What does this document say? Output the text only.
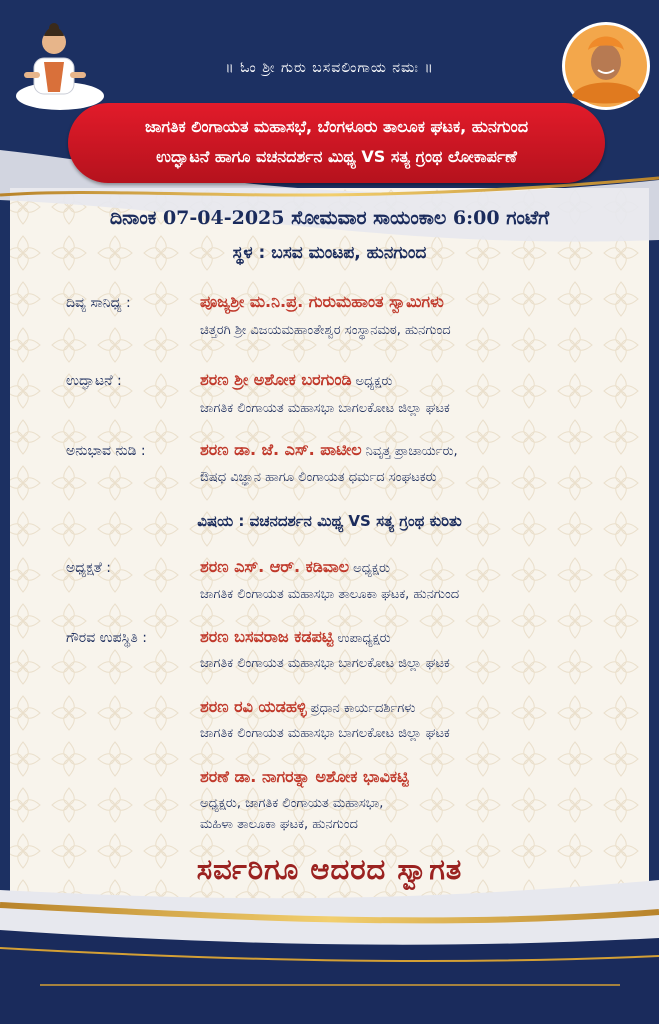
॥ ಓಂ ಶ್ರೀ ಗುರು ಬಸವಲಿಂಗಾಯ ನಮಃ ॥
ಜಾಗತಿಕ ಲಿಂಗಾಯತ ಮಹಾಸಭೆ, ಬೆಂಗಳೂರು ತಾಲೂಕ ಘಟಕ, ಹುನಗುಂದ
ಉದ್ಘಾಟನೆ ಹಾಗೂ ವಚನದರ್ಶನ ಮಿಥ್ಯ VS ಸತ್ಯ ಗ್ರಂಥ ಲೋಕಾರ್ಪಣೆ
ದಿನಾಂಕ 07-04-2025 ಸೋಮವಾರ ಸಾಯಂಕಾಲ 6:00 ಗಂಟೆಗೆ
ಸ್ಥಳ : ಬಸವ ಮಂಟಪ, ಹುನಗುಂದ
ದಿವ್ಯ ಸಾನಿಧ್ಯ :	ಪೂಜ್ಯಶ್ರೀ ಮ.ನಿ.ಪ್ರ. ಗುರುಮಹಾಂತ ಸ್ವಾಮಿಗಳು
ಚಿತ್ತರಗಿ ಶ್ರೀ ವಿಜಯಮಹಾಂತೇಶ್ವರ ಸಂಸ್ಥಾನಮಠ, ಹುನಗುಂದ
ಉದ್ಘಾಟನೆ :	ಶರಣ ಶ್ರೀ ಅಶೋಕ ಬರಗುಂಡಿ ಅಧ್ಯಕ್ಷರು
ಜಾಗತಿಕ ಲಿಂಗಾಯತ ಮಹಾಸಭಾ ಬಾಗಲಕೋಟ ಜಿಲ್ಲಾ ಘಟಕ
ಅನುಭಾವ ನುಡಿ :	ಶರಣ ಡಾ. ಜೆ. ಎಸ್. ಪಾಟೀಲ ನಿವೃತ್ತ ಪ್ರಾಚಾರ್ಯರು,
ಔಷಧ ವಿಜ್ಞಾನ ಹಾಗೂ ಲಿಂಗಾಯತ ಧರ್ಮದ ಸಂಘಟಕರು
ವಿಷಯ : ವಚನದರ್ಶನ ಮಿಥ್ಯ VS ಸತ್ಯ ಗ್ರಂಥ ಕುರಿತು
ಅಧ್ಯಕ್ಷತೆ :	ಶರಣ ಎಸ್. ಆರ್. ಕಡಿವಾಲ ಅಧ್ಯಕ್ಷರು
ಜಾಗತಿಕ ಲಿಂಗಾಯತ ಮಹಾಸಭಾ ತಾಲೂಕಾ ಘಟಕ, ಹುನಗುಂದ
ಗೌರವ ಉಪಸ್ಥಿತಿ :	ಶರಣ ಬಸವರಾಜ ಕಡಪಟ್ಟಿ ಉಪಾಧ್ಯಕ್ಷರು
ಜಾಗತಿಕ ಲಿಂಗಾಯತ ಮಹಾಸಭಾ ಬಾಗಲಕೋಟ ಜಿಲ್ಲಾ ಘಟಕ
ಶರಣ ರವಿ ಯಡಹಳ್ಳಿ ಪ್ರಧಾನ ಕಾರ್ಯದರ್ಶಿಗಳು
ಜಾಗತಿಕ ಲಿಂಗಾಯತ ಮಹಾಸಭಾ ಬಾಗಲಕೋಟ ಜಿಲ್ಲಾ ಘಟಕ
ಶರಣೆ ಡಾ. ನಾಗರತ್ನಾ ಅಶೋಕ ಭಾವಿಕಟ್ಟಿ
ಅಧ್ಯಕ್ಷರು, ಜಾಗತಿಕ ಲಿಂಗಾಯತ ಮಹಾಸಭಾ,
ಮಹಿಳಾ ತಾಲೂಕಾ ಘಟಕ, ಹುನಗುಂದ
ಸರ್ವರಿಗೂ ಆದರದ ಸ್ವಾಗತ
